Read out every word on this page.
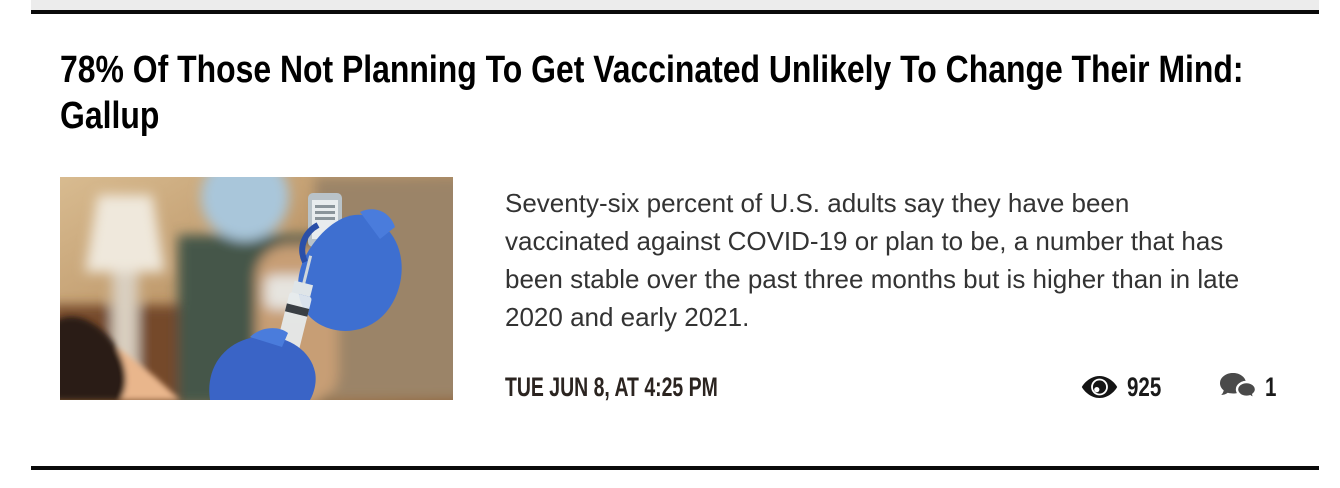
78% Of Those Not Planning To Get Vaccinated Unlikely To Change Their Mind: Gallup

Seventy-six percent of U.S. adults say they have been vaccinated against COVID-19 or plan to be, a number that has been stable over the past three months but is higher than in late 2020 and early 2021.

TUE JUN 8, AT 4:25 PM	925	1
